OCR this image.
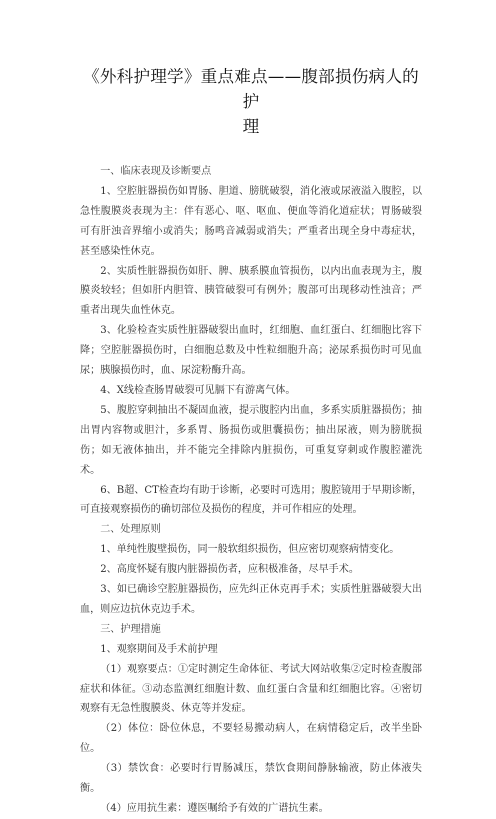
《外科护理学》重点难点——腹部损伤病人的护
理

一、临床表现及诊断要点

1、空腔脏器损伤如胃肠、胆道、膀胱破裂，消化液或尿液溢入腹腔，以急性腹膜炎表现为主：伴有恶心、呕、呕血、便血等消化道症状；胃肠破裂可有肝浊音界缩小或消失；肠鸣音减弱或消失；严重者出现全身中毒症状，甚至感染性休克。

2、实质性脏器损伤如肝、脾、胰系膜血管损伤，以内出血表现为主，腹膜炎较轻；但如肝内胆管、胰管破裂可有例外；腹部可出现移动性浊音；严重者出现失血性休克。

3、化验检查实质性脏器破裂出血时，红细胞、血红蛋白、红细胞比容下降；空腔脏器损伤时，白细胞总数及中性粒细胞升高；泌尿系损伤时可见血尿；胰腺损伤时，血、尿淀粉酶升高。

4、X线检查肠胃破裂可见膈下有游离气体。

5、腹腔穿刺抽出不凝固血液，提示腹腔内出血，多系实质脏器损伤；抽出胃内容物或胆汁，多系胃、肠损伤或胆囊损伤；抽出尿液，则为膀胱损伤；如无液体抽出，并不能完全排除内脏损伤，可重复穿刺或作腹腔灌洗术。

6、B超、CT检查均有助于诊断，必要时可选用；腹腔镜用于早期诊断，可直接观察损伤的确切部位及损伤的程度，并可作相应的处理。

二、处理原则

1、单纯性腹壁损伤，同一般软组织损伤，但应密切观察病情变化。

2、高度怀疑有腹内脏器损伤者，应积极准备，尽早手术。

3、如已确诊空腔脏器损伤，应先纠正休克再手术；实质性脏器破裂大出血，则应边抗休克边手术。

三、护理措施

1、观察期间及手术前护理

（1）观察要点：①定时测定生命体征、考试大网站收集②定时检查腹部症状和体征。③动态监测红细胞计数、血红蛋白含量和红细胞比容。④密切观察有无急性腹膜炎、休克等并发症。

（2）体位：卧位休息，不要轻易搬动病人，在病情稳定后，改半坐卧位。

（3）禁饮食：必要时行胃肠减压，禁饮食期间静脉输液，防止体液失衡。

（4）应用抗生素：遵医嘱给予有效的广谱抗生素。
